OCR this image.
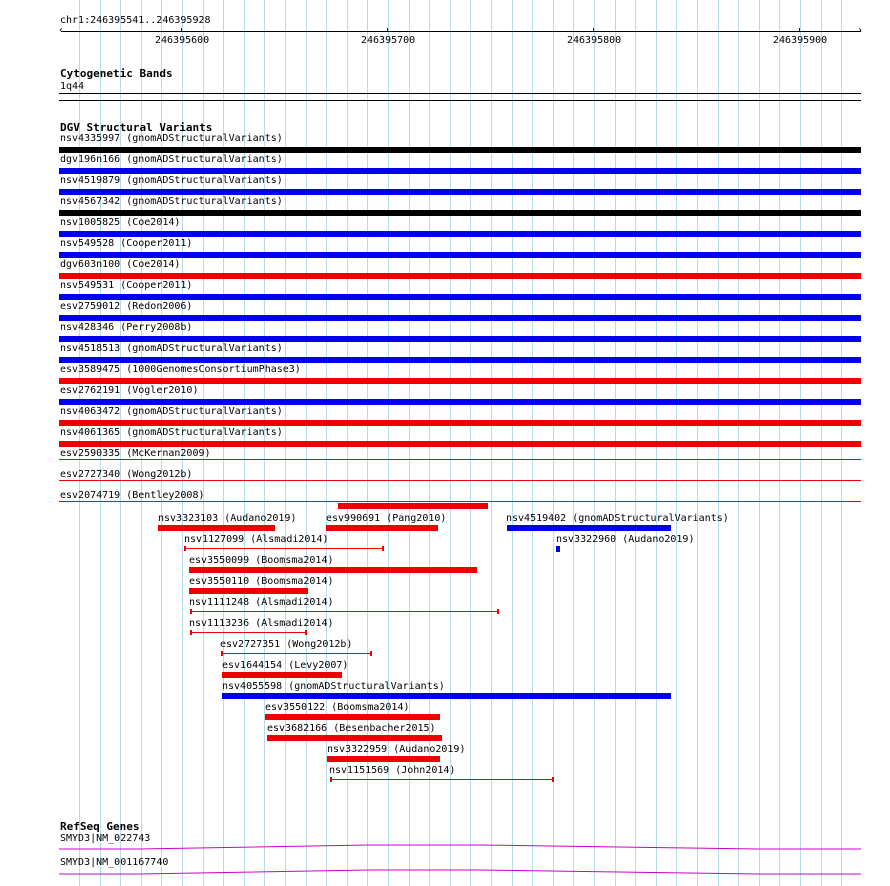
chr1:246395541..246395928
‹	›
246395600	246395700	246395800	246395900
Cytogenetic Bands
1q44
DGV Structural Variants
nsv4335997 (gnomADStructuralVariants)
dgv196n166 (gnomADStructuralVariants)
nsv4519879 (gnomADStructuralVariants)
nsv4567342 (gnomADStructuralVariants)
nsv1005825 (Coe2014)
nsv549528 (Cooper2011)
dgv603n100 (Coe2014)
nsv549531 (Cooper2011)
esv2759012 (Redon2006)
nsv428346 (Perry2008b)
nsv4518513 (gnomADStructuralVariants)
esv3589475 (1000GenomesConsortiumPhase3)
esv2762191 (Vogler2010)
nsv4063472 (gnomADStructuralVariants)
nsv4061365 (gnomADStructuralVariants)
esv2590335 (McKernan2009)
esv2727340 (Wong2012b)
esv2074719 (Bentley2008)
nsv3323103 (Audano2019)	esv990691 (Pang2010)	nsv4519402 (gnomADStructuralVariants)
nsv1127099 (Alsmadi2014)	nsv3322960 (Audano2019)
esv3550099 (Boomsma2014)
esv3550110 (Boomsma2014)
nsv1111248 (Alsmadi2014)
nsv1113236 (Alsmadi2014)
esv2727351 (Wong2012b)
esv1644154 (Levy2007)
nsv4055598 (gnomADStructuralVariants)
esv3550122 (Boomsma2014)
esv3682166 (Besenbacher2015)
nsv3322959 (Audano2019)
nsv1151569 (John2014)
RefSeq Genes
SMYD3|NM_022743
SMYD3|NM_001167740
